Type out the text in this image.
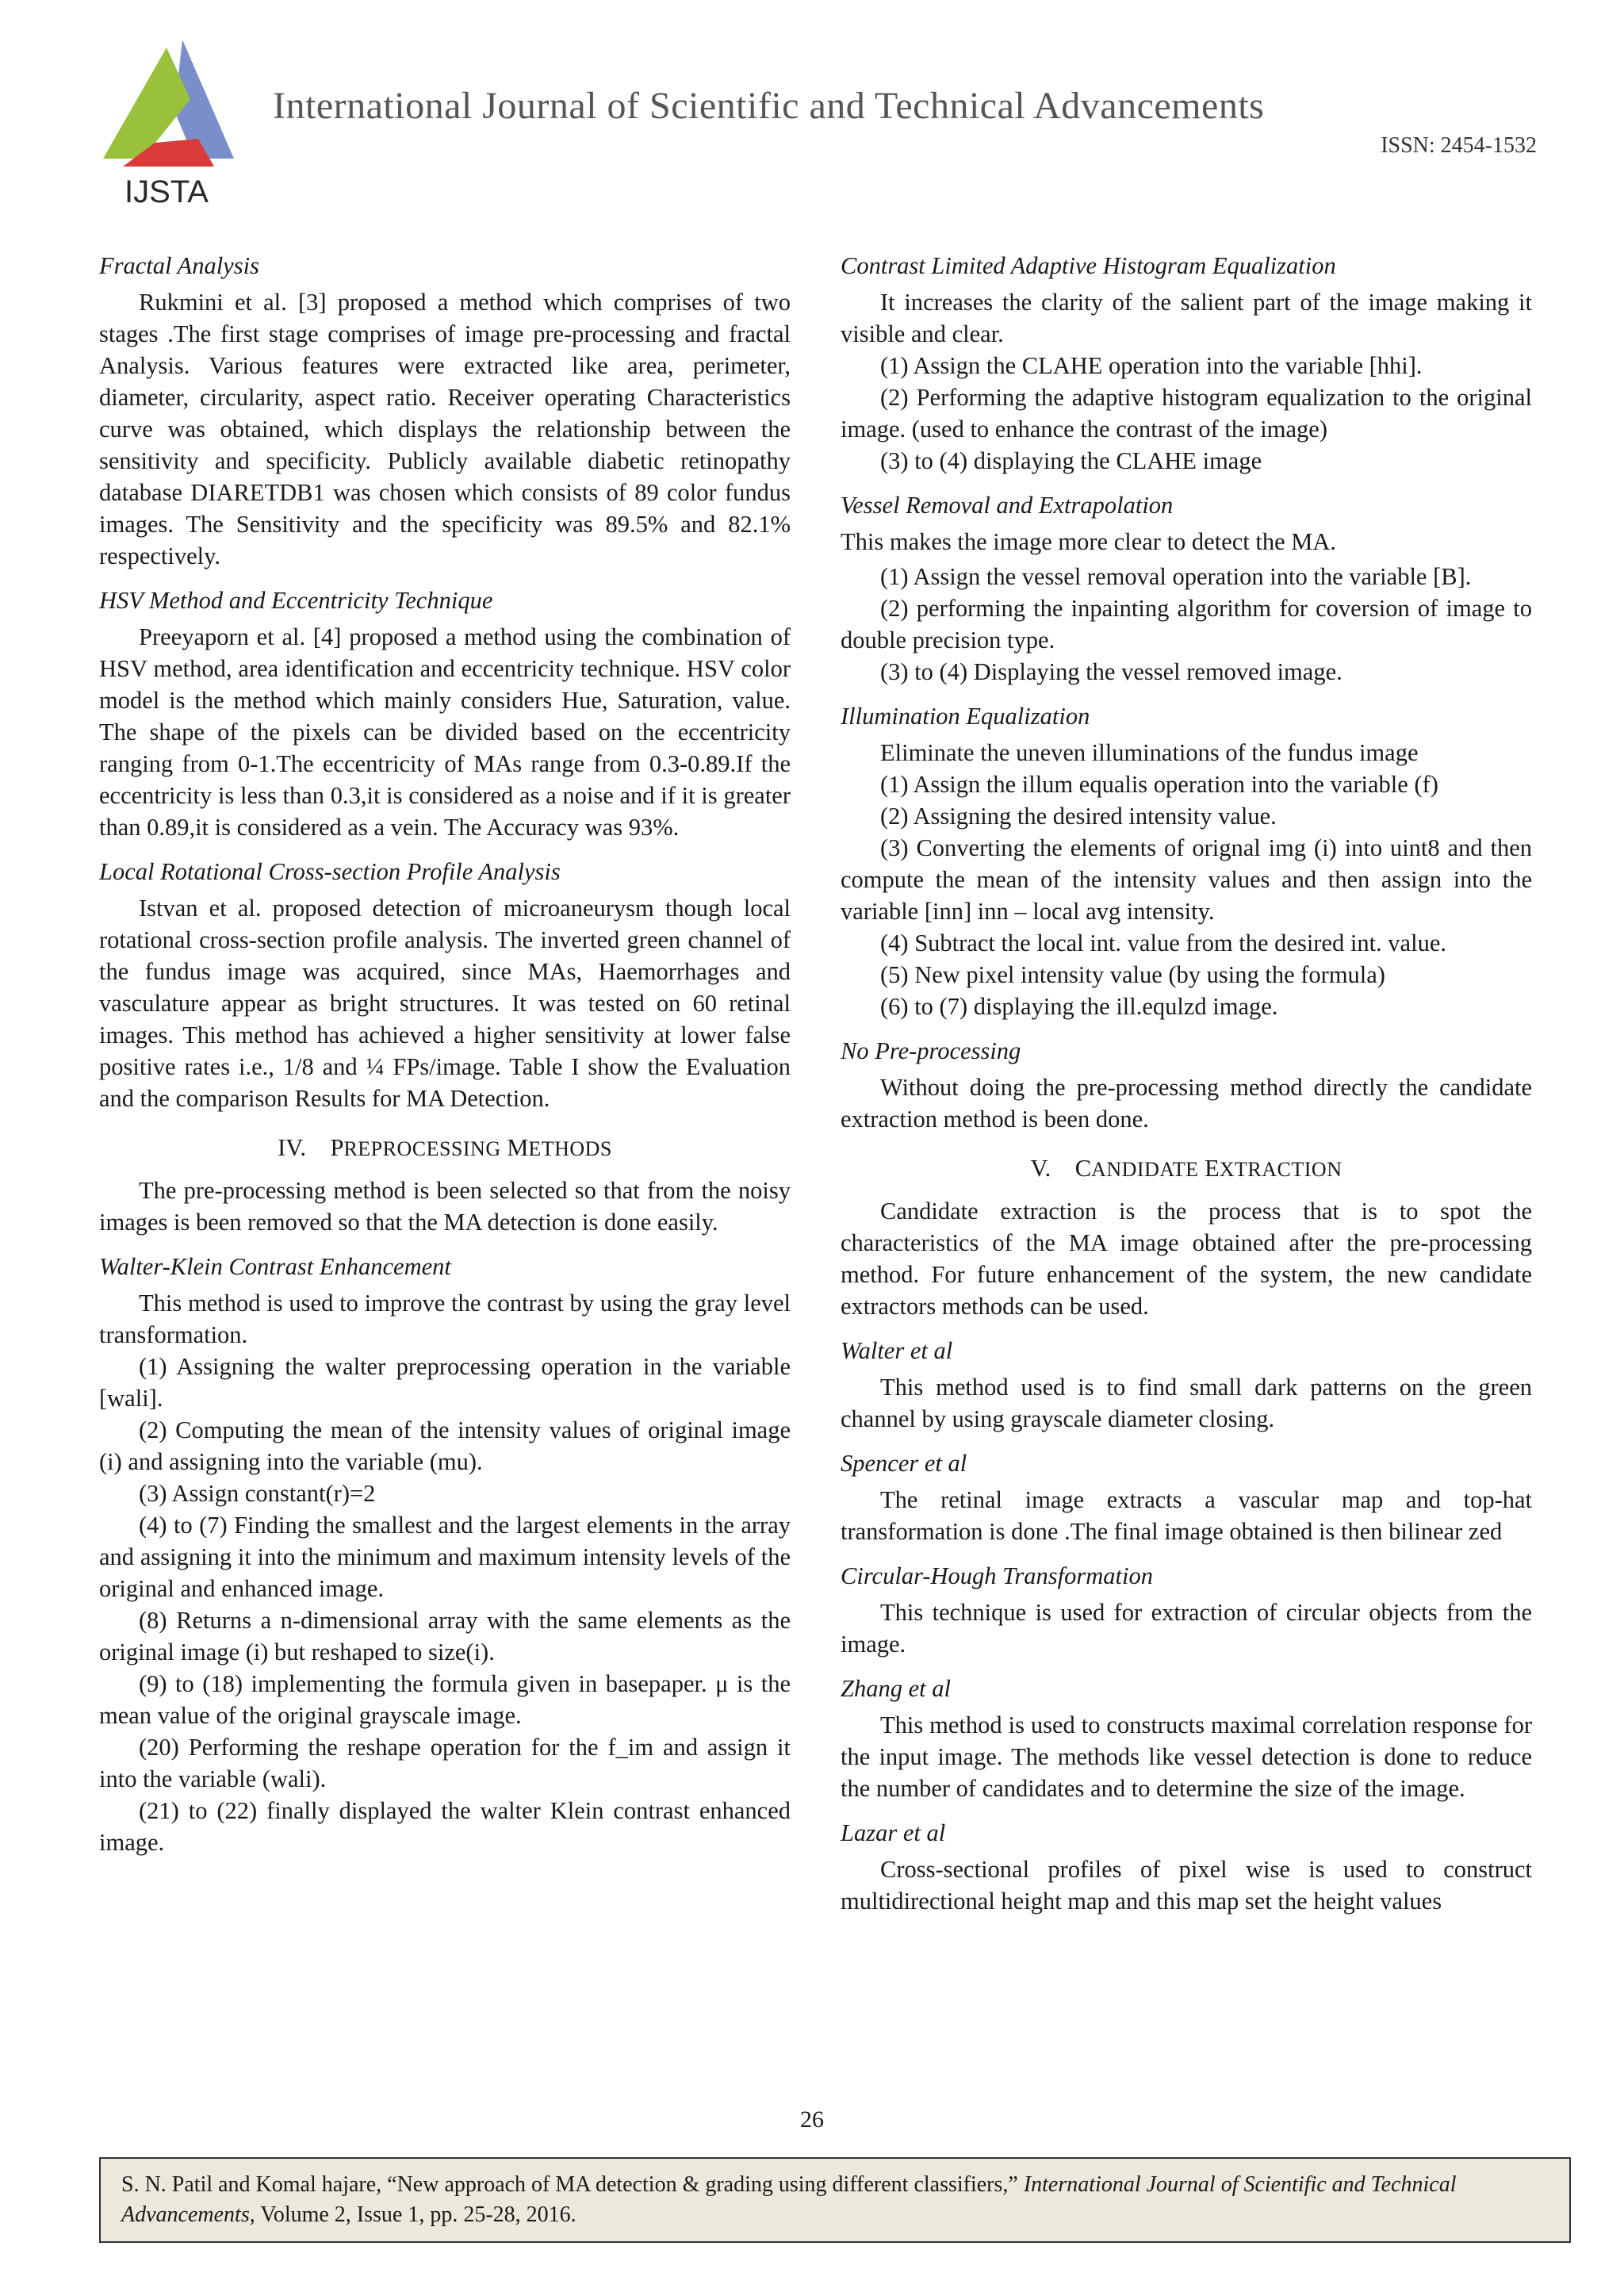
IJSTA
International Journal of Scientific and Technical Advancements
ISSN: 2454-1532
Fractal Analysis

Rukmini et al. [3] proposed a method which comprises of two stages .The first stage comprises of image pre-processing and fractal Analysis. Various features were extracted like area, perimeter, diameter, circularity, aspect ratio. Receiver operating Characteristics curve was obtained, which displays the relationship between the sensitivity and specificity. Publicly available diabetic retinopathy database DIARETDB1 was chosen which consists of 89 color fundus images. The Sensitivity and the specificity was 89.5% and 82.1% respectively.

HSV Method and Eccentricity Technique

Preeyaporn et al. [4] proposed a method using the combination of HSV method, area identification and eccentricity technique. HSV color model is the method which mainly considers Hue, Saturation, value. The shape of the pixels can be divided based on the eccentricity ranging from 0-1.The eccentricity of MAs range from 0.3-0.89.If the eccentricity is less than 0.3,it is considered as a noise and if it is greater than 0.89,it is considered as a vein. The Accuracy was 93%.

Local Rotational Cross-section Profile Analysis

Istvan et al. proposed detection of microaneurysm though local rotational cross-section profile analysis. The inverted green channel of the fundus image was acquired, since MAs, Haemorrhages and vasculature appear as bright structures. It was tested on 60 retinal images. This method has achieved a higher sensitivity at lower false positive rates i.e., 1/8 and ¼ FPs/image. Table I show the Evaluation and the comparison Results for MA Detection.

IV. PREPROCESSING METHODS

The pre-processing method is been selected so that from the noisy images is been removed so that the MA detection is done easily.

Walter-Klein Contrast Enhancement

This method is used to improve the contrast by using the gray level transformation.

(1) Assigning the walter preprocessing operation in the variable [wali].

(2) Computing the mean of the intensity values of original image (i) and assigning into the variable (mu).

(3) Assign constant(r)=2

(4) to (7) Finding the smallest and the largest elements in the array and assigning it into the minimum and maximum intensity levels of the original and enhanced image.

(8) Returns a n-dimensional array with the same elements as the original image (i) but reshaped to size(i).

(9) to (18) implementing the formula given in basepaper. μ is the mean value of the original grayscale image.

(20) Performing the reshape operation for the f_im and assign it into the variable (wali).

(21) to (22) finally displayed the walter Klein contrast enhanced image.

Contrast Limited Adaptive Histogram Equalization

It increases the clarity of the salient part of the image making it visible and clear.

(1) Assign the CLAHE operation into the variable [hhi].

(2) Performing the adaptive histogram equalization to the original image. (used to enhance the contrast of the image)

(3) to (4) displaying the CLAHE image

Vessel Removal and Extrapolation

This makes the image more clear to detect the MA.

(1) Assign the vessel removal operation into the variable [B].

(2) performing the inpainting algorithm for coversion of image to double precision type.

(3) to (4) Displaying the vessel removed image.

Illumination Equalization

Eliminate the uneven illuminations of the fundus image

(1) Assign the illum equalis operation into the variable (f)

(2) Assigning the desired intensity value.

(3) Converting the elements of orignal img (i) into uint8 and then compute the mean of the intensity values and then assign into the variable [inn] inn – local avg intensity.

(4) Subtract the local int. value from the desired int. value.

(5) New pixel intensity value (by using the formula)

(6) to (7) displaying the ill.equlzd image.

No Pre-processing

Without doing the pre-processing method directly the candidate extraction method is been done.

V. CANDIDATE EXTRACTION

Candidate extraction is the process that is to spot the characteristics of the MA image obtained after the pre-processing method. For future enhancement of the system, the new candidate extractors methods can be used.

Walter et al

This method used is to find small dark patterns on the green channel by using grayscale diameter closing.

Spencer et al

The retinal image extracts a vascular map and top-hat transformation is done .The final image obtained is then bilinear zed

Circular-Hough Transformation

This technique is used for extraction of circular objects from the image.

Zhang et al

This method is used to constructs maximal correlation response for the input image. The methods like vessel detection is done to reduce the number of candidates and to determine the size of the image.

Lazar et al

Cross-sectional profiles of pixel wise is used to construct multidirectional height map and this map set the height values

26
S. N. Patil and Komal hajare, “New approach of MA detection & grading using different classifiers,” International Journal of Scientific and Technical Advancements, Volume 2, Issue 1, pp. 25-28, 2016.
